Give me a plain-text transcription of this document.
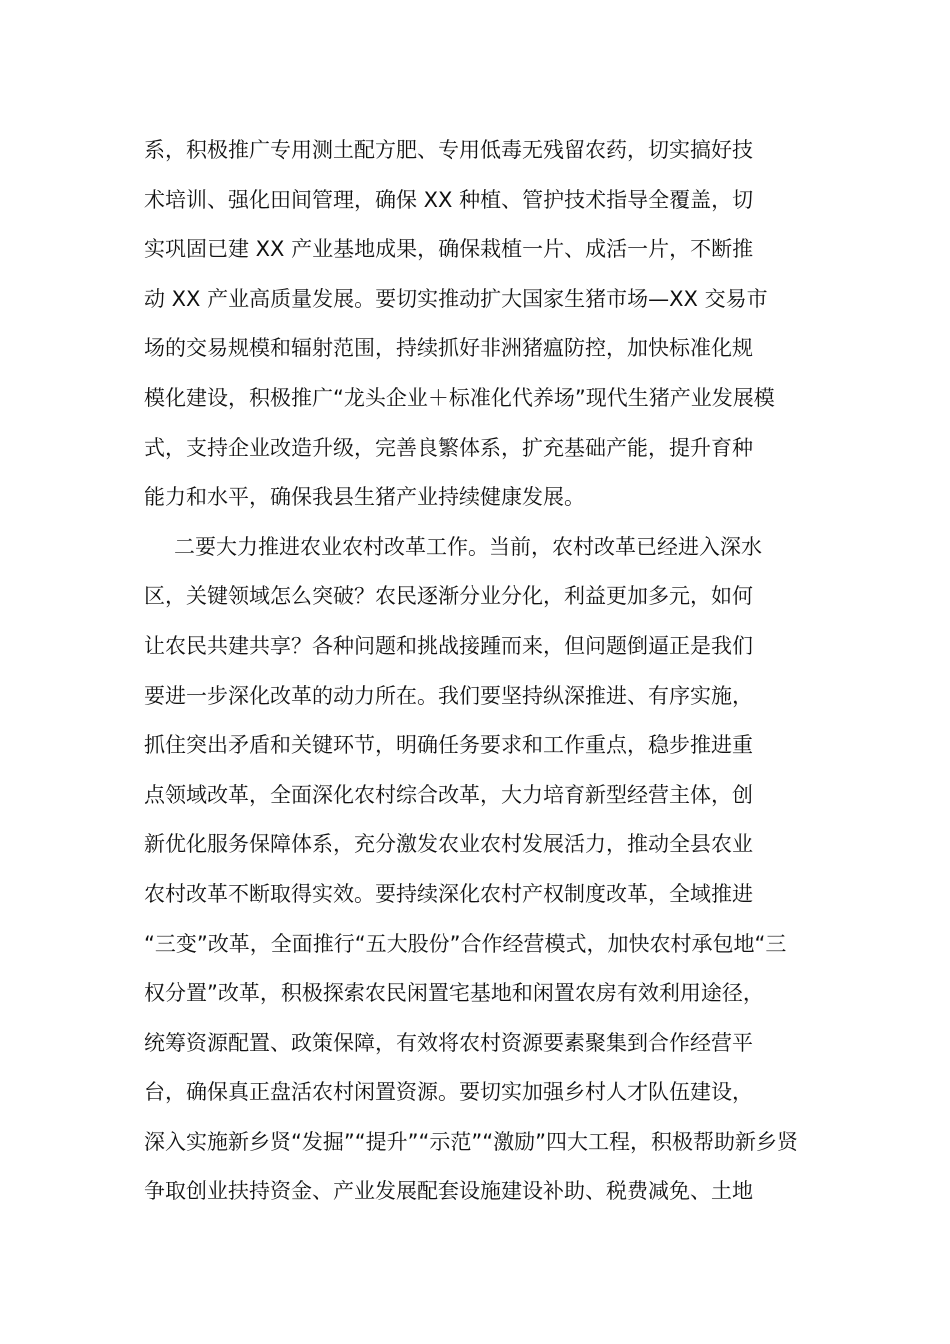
系，积极推广专用测土配方肥、专用低毒无残留农药，切实搞好技
术培训、强化田间管理，确保 XX 种植、管护技术指导全覆盖，切
实巩固已建 XX 产业基地成果，确保栽植一片、成活一片，不断推
动 XX 产业高质量发展。要切实推动扩大国家生猪市场—XX 交易市
场的交易规模和辐射范围，持续抓好非洲猪瘟防控，加快标准化规
模化建设，积极推广“龙头企业＋标准化代养场”现代生猪产业发展模
式，支持企业改造升级，完善良繁体系，扩充基础产能，提升育种
能力和水平，确保我县生猪产业持续健康发展。
二要大力推进农业农村改革工作。当前，农村改革已经进入深水
区，关键领域怎么突破？农民逐渐分业分化，利益更加多元，如何
让农民共建共享？各种问题和挑战接踵而来，但问题倒逼正是我们
要进一步深化改革的动力所在。我们要坚持纵深推进、有序实施，
抓住突出矛盾和关键环节，明确任务要求和工作重点，稳步推进重
点领域改革，全面深化农村综合改革，大力培育新型经营主体，创
新优化服务保障体系，充分激发农业农村发展活力，推动全县农业
农村改革不断取得实效。要持续深化农村产权制度改革，全域推进
“三变”改革，全面推行“五大股份”合作经营模式，加快农村承包地“三
权分置”改革，积极探索农民闲置宅基地和闲置农房有效利用途径，
统筹资源配置、政策保障，有效将农村资源要素聚集到合作经营平
台，确保真正盘活农村闲置资源。要切实加强乡村人才队伍建设，
深入实施新乡贤“发掘”“提升”“示范”“激励”四大工程，积极帮助新乡贤
争取创业扶持资金、产业发展配套设施建设补助、税费减免、土地
